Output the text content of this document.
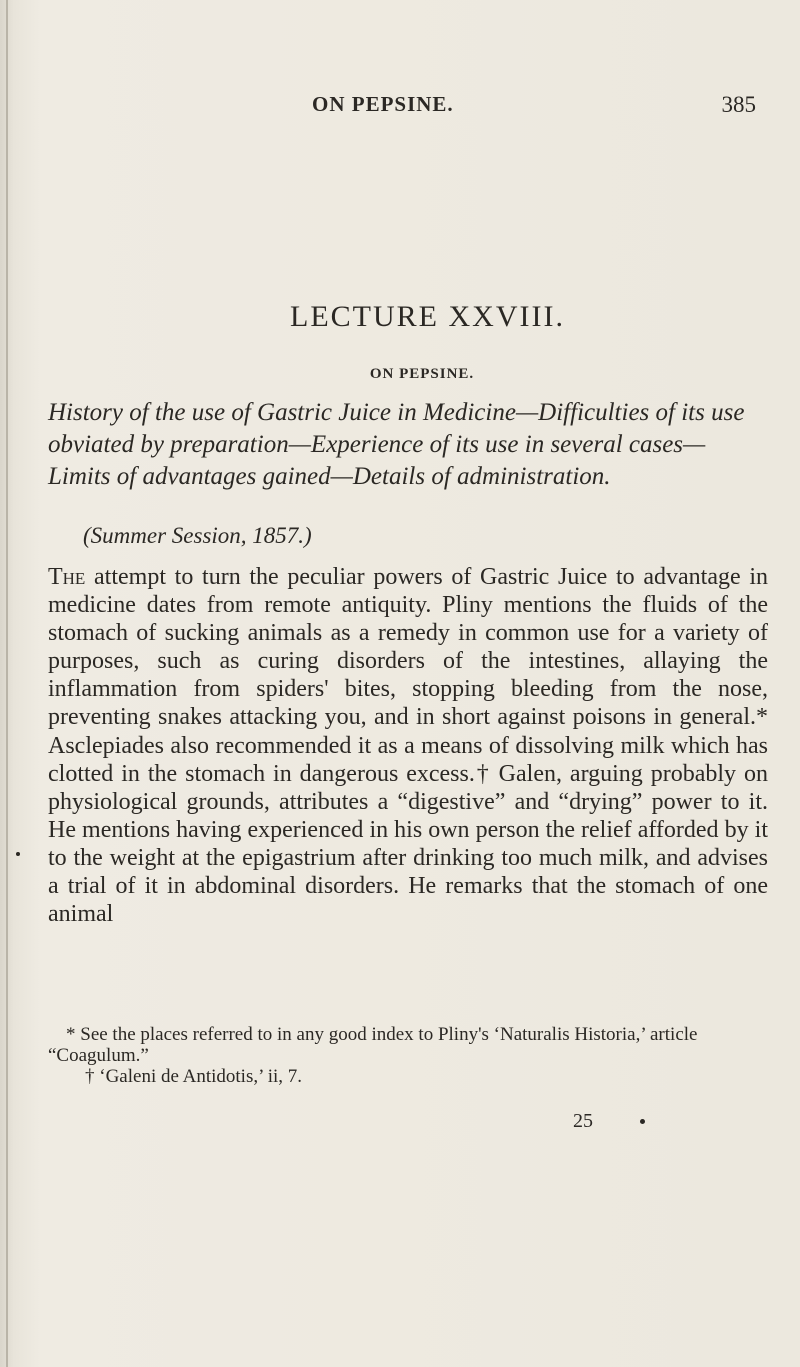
ON PEPSINE.	385
LECTURE XXVIII.
ON PEPSINE.
History of the use of Gastric Juice in Medicine—Difficulties of its use obviated by preparation—Experience of its use in several cases—Limits of advantages gained—Details of administration.
(Summer Session, 1857.)
The attempt to turn the peculiar powers of Gastric Juice to advantage in medicine dates from remote antiquity. Pliny mentions the fluids of the stomach of sucking animals as a remedy in common use for a variety of purposes, such as curing disorders of the intestines, allaying the inflammation from spiders' bites, stopping bleeding from the nose, preventing snakes attacking you, and in short against poisons in general.* Asclepiades also recommended it as a means of dissolving milk which has clotted in the stomach in dangerous excess.† Galen, arguing probably on physiological grounds, attributes a “digestive” and “drying” power to it. He mentions having experienced in his own person the relief afforded by it to the weight at the epigastrium after drinking too much milk, and advises a trial of it in abdominal disorders. He remarks that the stomach of one animal

* See the places referred to in any good index to Pliny's ‘Naturalis Historia,’ article “Coagulum.”

† ‘Galeni de Antidotis,’ ii, 7.

25
